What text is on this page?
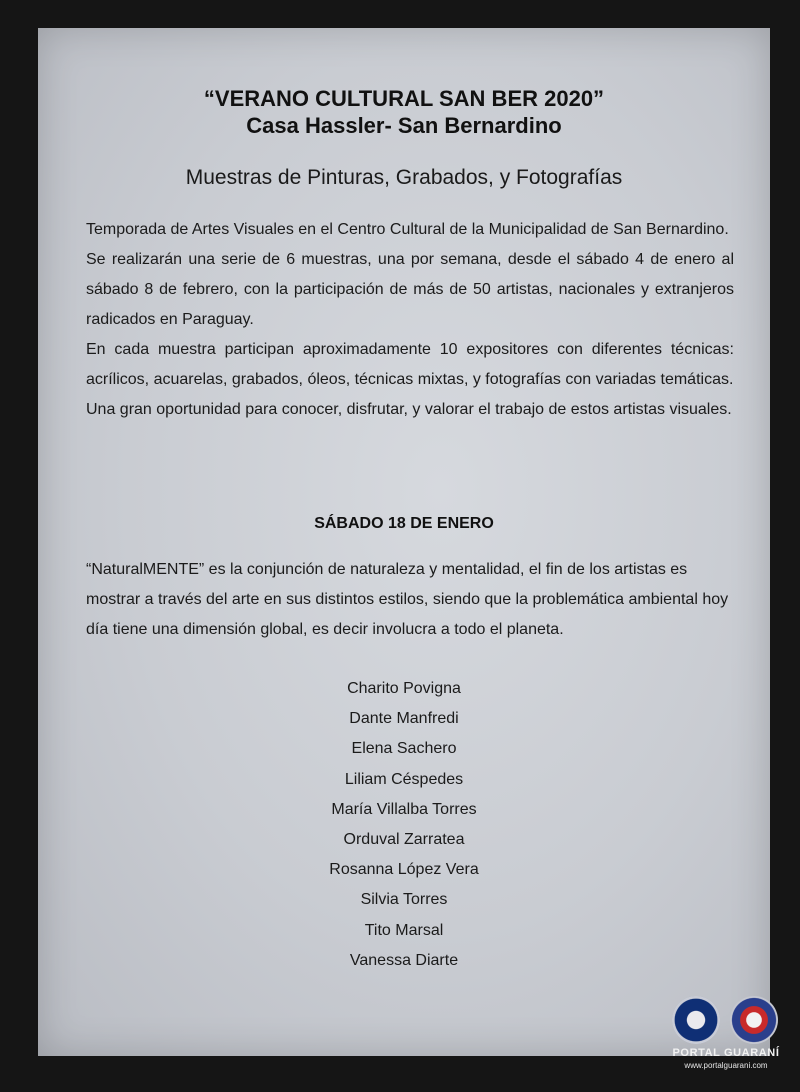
“VERANO CULTURAL SAN BER 2020”
Casa Hassler- San Bernardino
Muestras de Pinturas, Grabados, y Fotografías

Temporada de Artes Visuales en el Centro Cultural de la Municipalidad de San Bernardino.

Se realizarán una serie de 6 muestras, una por semana, desde el sábado 4 de enero al sábado 8 de febrero, con la participación de más de 50 artistas, nacionales y extranjeros radicados en Paraguay.

En cada muestra participan aproximadamente 10 expositores con diferentes técnicas: acrílicos, acuarelas, grabados, óleos, técnicas mixtas, y fotografías con variadas temáticas.

Una gran oportunidad para conocer, disfrutar, y valorar el trabajo de estos artistas visuales.

SÁBADO 18 DE ENERO

“NaturalMENTE” es la conjunción de naturaleza y mentalidad, el fin de los artistas es mostrar a través del arte en sus distintos estilos, siendo que la problemática ambiental hoy día tiene una dimensión global, es decir involucra a todo el planeta.

Charito Povigna
Dante Manfredi
Elena Sachero
Liliam Céspedes
María Villalba Torres
Orduval Zarratea
Rosanna López Vera
Silvia Torres
Tito Marsal
Vanessa Diarte
PORTAL GUARANÍ
www.portalguarani.com
